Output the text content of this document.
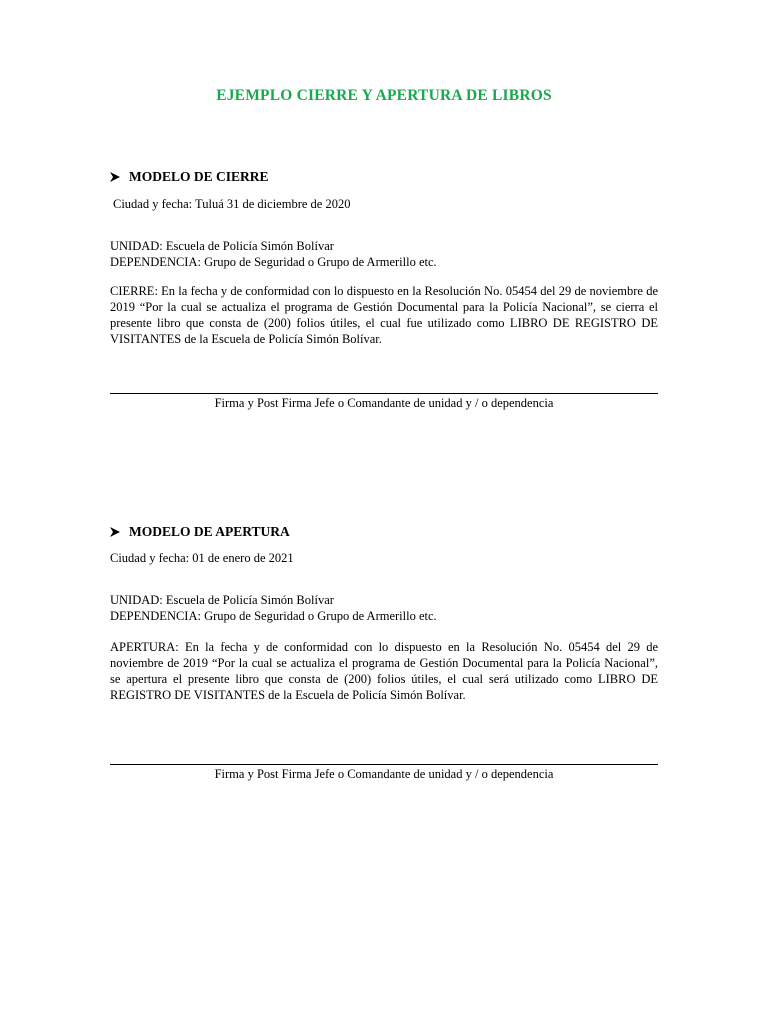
EJEMPLO CIERRE Y APERTURA DE LIBROS
MODELO DE CIERRE
Ciudad y fecha: Tuluá 31 de diciembre de 2020
UNIDAD: Escuela de Policía Simón Bolívar
DEPENDENCIA: Grupo de Seguridad o Grupo de Armerillo etc.
CIERRE: En la fecha y de conformidad con lo dispuesto en la Resolución No. 05454 del 29 de noviembre de 2019 “Por la cual se actualiza el programa de Gestión Documental para la Policía Nacional”, se cierra el presente libro que consta de (200) folios útiles, el cual fue utilizado como LIBRO DE REGISTRO DE VISITANTES de la Escuela de Policía Simón Bolívar.
Firma y Post Firma Jefe o Comandante de unidad y / o dependencia
MODELO DE APERTURA
Ciudad y fecha: 01 de enero de 2021
UNIDAD: Escuela de Policía Simón Bolívar
DEPENDENCIA: Grupo de Seguridad o Grupo de Armerillo etc.
APERTURA: En la fecha y de conformidad con lo dispuesto en la Resolución No. 05454 del 29 de noviembre de 2019 “Por la cual se actualiza el programa de Gestión Documental para la Policía Nacional”, se apertura el presente libro que consta de (200) folios útiles, el cual será utilizado como LIBRO DE REGISTRO DE VISITANTES de la Escuela de Policía Simón Bolívar.
Firma y Post Firma Jefe o Comandante de unidad y / o dependencia
